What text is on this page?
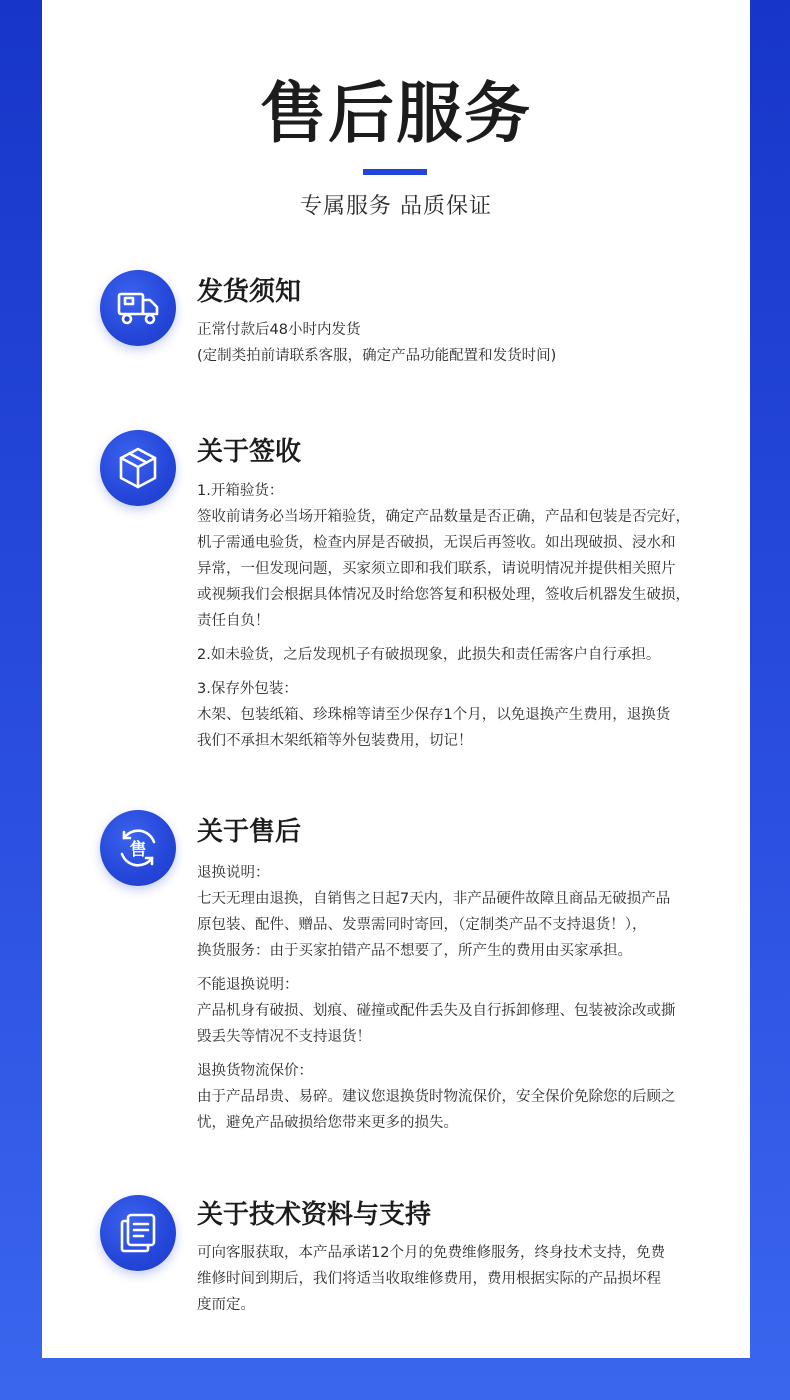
售后服务
专属服务 品质保证
发货须知

正常付款后48小时内发货

(定制类拍前请联系客服，确定产品功能配置和发货时间)

关于签收

1.开箱验货：

签收前请务必当场开箱验货，确定产品数量是否正确，产品和包装是否完好，

机子需通电验货，检查内屏是否破损，无误后再签收。如出现破损、浸水和

异常，一但发现问题，买家须立即和我们联系，请说明情况并提供相关照片

或视频我们会根据具体情况及时给您答复和积极处理，签收后机器发生破损，

责任自负！

2.如未验货，之后发现机子有破损现象，此损失和责任需客户自行承担。

3.保存外包装：

木架、包装纸箱、珍珠棉等请至少保存1个月，以免退换产生费用，退换货

我们不承担木架纸箱等外包装费用，切记！

售
关于售后

退换说明：

七天无理由退换，自销售之日起7天内，非产品硬件故障且商品无破损产品

原包装、配件、赠品、发票需同时寄回，（定制类产品不支持退货！），

换货服务：由于买家拍错产品不想要了，所产生的费用由买家承担。

不能退换说明：

产品机身有破损、划痕、碰撞或配件丢失及自行拆卸修理、包装被涂改或撕

毁丢失等情况不支持退货！

退换货物流保价：

由于产品昂贵、易碎。建议您退换货时物流保价，安全保价免除您的后顾之

忧，避免产品破损给您带来更多的损失。

关于技术资料与支持

可向客服获取，本产品承诺12个月的免费维修服务，终身技术支持，免费

维修时间到期后，我们将适当收取维修费用，费用根据实际的产品损坏程

度而定。
